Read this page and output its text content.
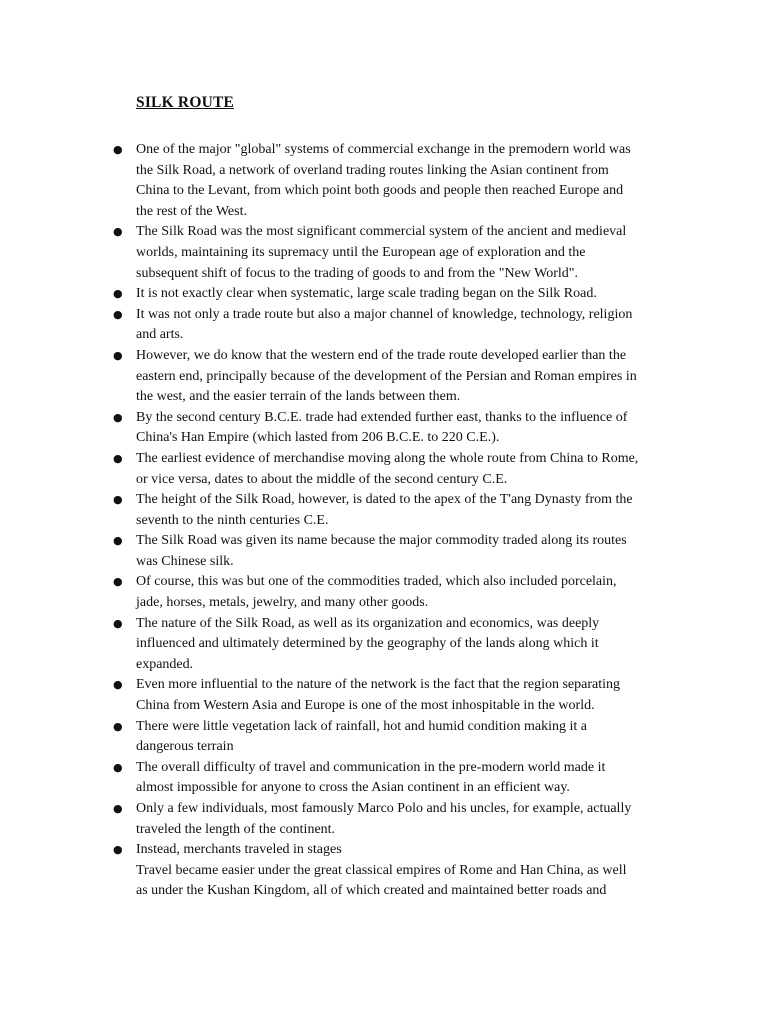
SILK ROUTE
● One of the major "global" systems of commercial exchange in the premodern world was
the Silk Road, a network of overland trading routes linking the Asian continent from
China to the Levant, from which point both goods and people then reached Europe and
the rest of the West.
● The Silk Road was the most significant commercial system of the ancient and medieval
worlds, maintaining its supremacy until the European age of exploration and the
subsequent shift of focus to the trading of goods to and from the "New World".
● It is not exactly clear when systematic, large scale trading began on the Silk Road.
● It was not only a trade route but also a major channel of knowledge, technology, religion
and arts.
● However, we do know that the western end of the trade route developed earlier than the
eastern end, principally because of the development of the Persian and Roman empires in
the west, and the easier terrain of the lands between them.
● By the second century B.C.E. trade had extended further east, thanks to the influence of
China's Han Empire (which lasted from 206 B.C.E. to 220 C.E.).
● The earliest evidence of merchandise moving along the whole route from China to Rome,
or vice versa, dates to about the middle of the second century C.E.
● The height of the Silk Road, however, is dated to the apex of the T'ang Dynasty from the
seventh to the ninth centuries C.E.
● The Silk Road was given its name because the major commodity traded along its routes
was Chinese silk.
● Of course, this was but one of the commodities traded, which also included porcelain,
jade, horses, metals, jewelry, and many other goods.
● The nature of the Silk Road, as well as its organization and economics, was deeply
influenced and ultimately determined by the geography of the lands along which it
expanded.
● Even more influential to the nature of the network is the fact that the region separating
China from Western Asia and Europe is one of the most inhospitable in the world.
● There were little vegetation lack of rainfall, hot and humid condition making it a
dangerous terrain
● The overall difficulty of travel and communication in the pre-modern world made it
almost impossible for anyone to cross the Asian continent in an efficient way.
● Only a few individuals, most famously Marco Polo and his uncles, for example, actually
traveled the length of the continent.
● Instead, merchants traveled in stages
Travel became easier under the great classical empires of Rome and Han China, as well
as under the Kushan Kingdom, all of which created and maintained better roads and
